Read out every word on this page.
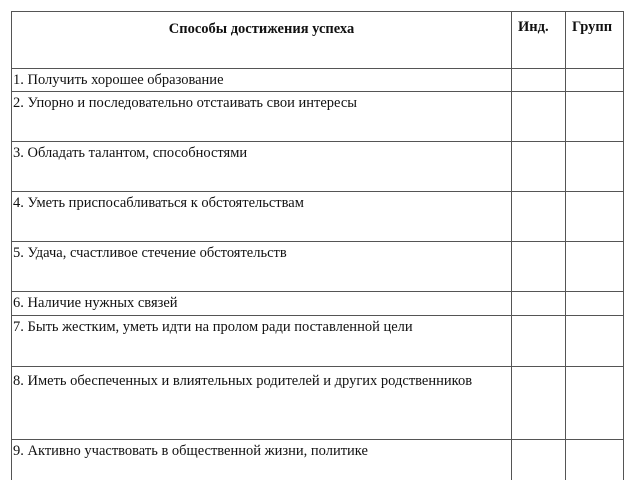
Способы достижения успеха	Инд.	Групп
1. Получить хорошее образование		
2. Упорно и последовательно отстаивать свои интересы		
3. Обладать талантом, способностями		
4. Уметь приспосабливаться к обстоятельствам		
5. Удача, счастливое стечение обстоятельств		
6. Наличие нужных связей		
7. Быть жестким, уметь идти на пролом ради поставленной цели		
8. Иметь обеспеченных и влиятельных родителей и других родственников		
9. Активно участвовать в общественной жизни, политике		
